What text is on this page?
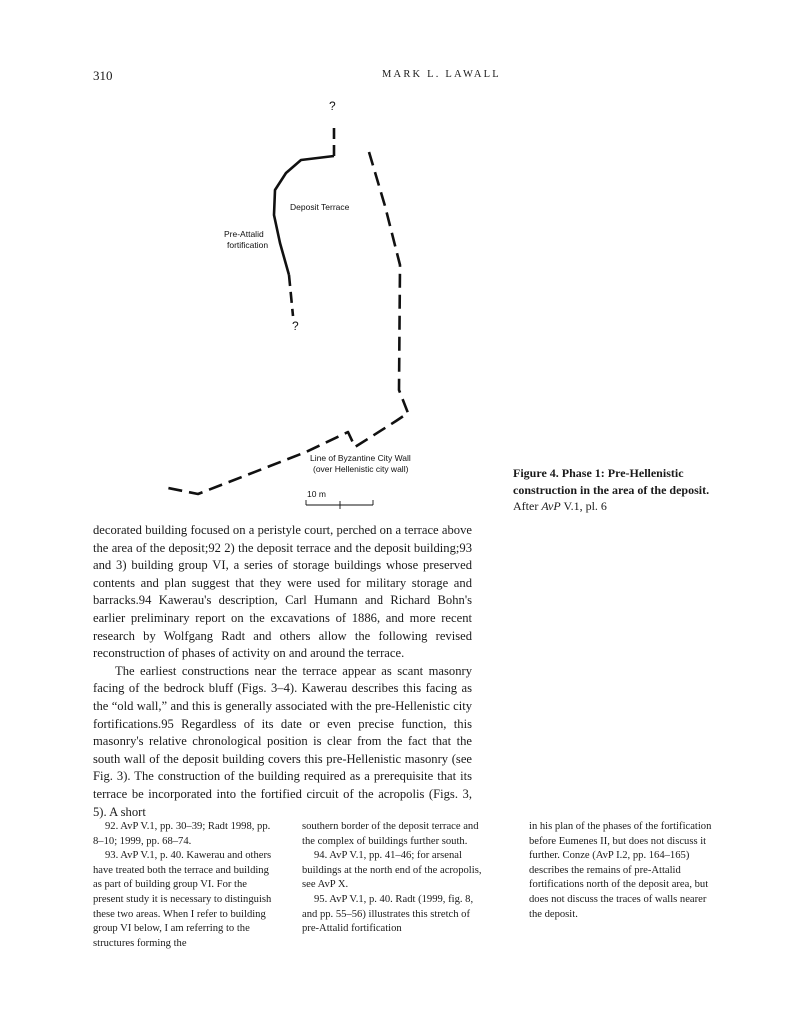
310	MARK L. LAWALL
?
?
Deposit Terrace
Pre-Attalid
fortification
Line of Byzantine City Wall
(over Hellenistic city wall)
10 m
Figure 4. Phase 1: Pre-Hellenistic construction in the area of the deposit. After AvP V.1, pl. 6

decorated building focused on a peristyle court, perched on a terrace above the area of the deposit;92 2) the deposit terrace and the deposit building;93 and 3) building group VI, a series of storage buildings whose preserved contents and plan suggest that they were used for military storage and barracks.94 Kawerau's description, Carl Humann and Richard Bohn's earlier preliminary report on the excavations of 1886, and more recent research by Wolfgang Radt and others allow the following revised reconstruction of phases of activity on and around the terrace.

The earliest constructions near the terrace appear as scant masonry facing of the bedrock bluff (Figs. 3–4). Kawerau describes this facing as the “old wall,” and this is generally associated with the pre-Hellenistic city fortifications.95 Regardless of its date or even precise function, this masonry's relative chronological position is clear from the fact that the south wall of the deposit building covers this pre-Hellenistic masonry (see Fig. 3). The construction of the building required as a prerequisite that its terrace be incorporated into the fortified circuit of the acropolis (Figs. 3, 5). A short

92. AvP V.1, pp. 30–39; Radt 1998, pp. 8–10; 1999, pp. 68–74.

93. AvP V.1, p. 40. Kawerau and others have treated both the terrace and building as part of building group VI. For the present study it is necessary to distinguish these two areas. When I refer to building group VI below, I am referring to the structures forming the

southern border of the deposit terrace and the complex of buildings further south.

94. AvP V.1, pp. 41–46; for arsenal buildings at the north end of the acropolis, see AvP X.

95. AvP V.1, p. 40. Radt (1999, fig. 8, and pp. 55–56) illustrates this stretch of pre-Attalid fortification

in his plan of the phases of the fortification before Eumenes II, but does not discuss it further. Conze (AvP I.2, pp. 164–165) describes the remains of pre-Attalid fortifications north of the deposit area, but does not discuss the traces of walls nearer the deposit.
